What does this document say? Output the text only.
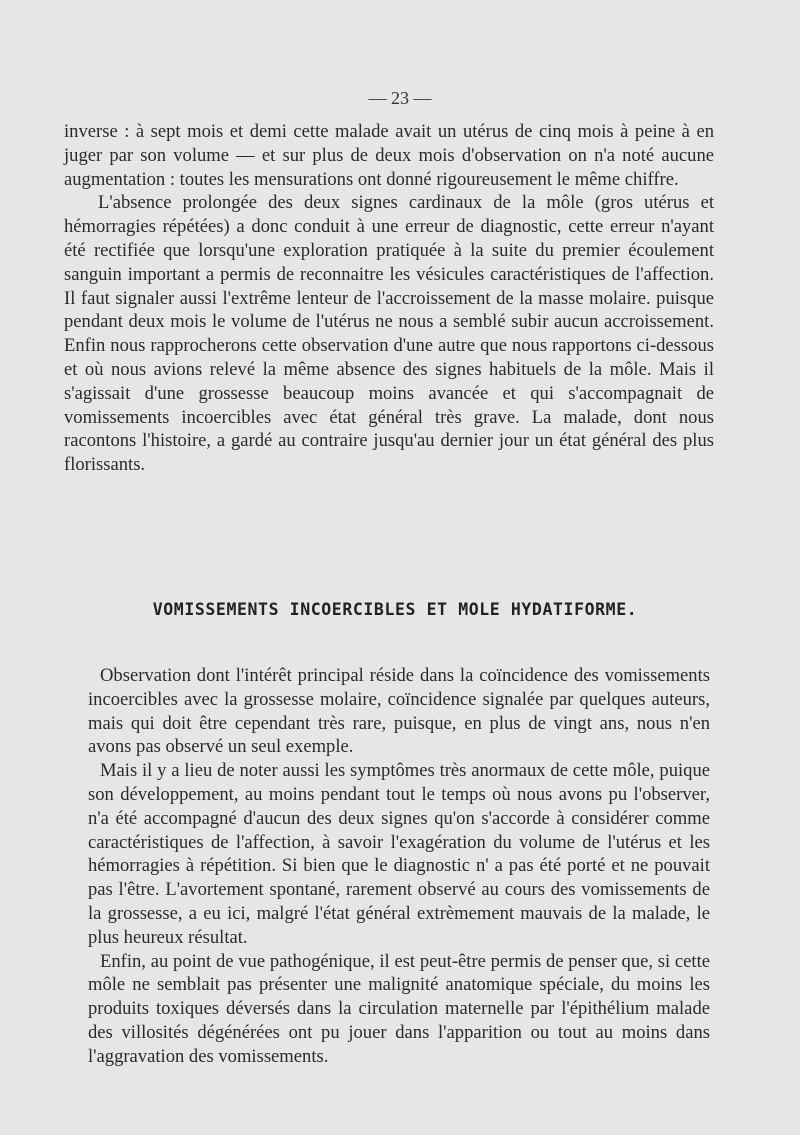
— 23 —

inverse : à sept mois et demi cette malade avait un utérus de cinq mois à peine à en juger par son volume — et sur plus de deux mois d'observation on n'a noté aucune augmentation : toutes les mensurations ont donné rigoureusement le même chiffre.

L'absence prolongée des deux signes cardinaux de la môle (gros utérus et hémorragies répétées) a donc conduit à une erreur de diagnostic, cette erreur n'ayant été rectifiée que lorsqu'une exploration pratiquée à la suite du premier écoulement sanguin important a permis de reconnaitre les vésicules caractéristiques de l'affection. Il faut signaler aussi l'extrême lenteur de l'accroissement de la masse molaire. puisque pendant deux mois le volume de l'utérus ne nous a semblé subir aucun accroissement. Enfin nous rapprocherons cette observation d'une autre que nous rapportons ci-dessous et où nous avions relevé la même absence des signes habituels de la môle. Mais il s'agissait d'une grossesse beaucoup moins avancée et qui s'accompagnait de vomissements incoercibles avec état général très grave. La malade, dont nous racontons l'histoire, a gardé au contraire jusqu'au dernier jour un état général des plus florissants.

VOMISSEMENTS INCOERCIBLES ET MOLE HYDATIFORME.

Observation dont l'intérêt principal réside dans la coïncidence des vomissements incoercibles avec la grossesse molaire, coïncidence signalée par quelques auteurs, mais qui doit être cependant très rare, puisque, en plus de vingt ans, nous n'en avons pas observé un seul exemple.

Mais il y a lieu de noter aussi les symptômes très anormaux de cette môle, puique son développement, au moins pendant tout le temps où nous avons pu l'observer, n'a été accompagné d'aucun des deux signes qu'on s'accorde à considérer comme caractéristiques de l'affection, à savoir l'exagération du volume de l'utérus et les hémorragies à répétition. Si bien que le diagnostic n' a pas été porté et ne pouvait pas l'être. L'avortement spontané, rarement observé au cours des vomissements de la grossesse, a eu ici, malgré l'état général extrèmement mauvais de la malade, le plus heureux résultat.

Enfin, au point de vue pathogénique, il est peut-être permis de penser que, si cette môle ne semblait pas présenter une malignité anatomique spéciale, du moins les produits toxiques déversés dans la circulation maternelle par l'épithélium malade des villosités dégénérées ont pu jouer dans l'apparition ou tout au moins dans l'aggravation des vomissements.
